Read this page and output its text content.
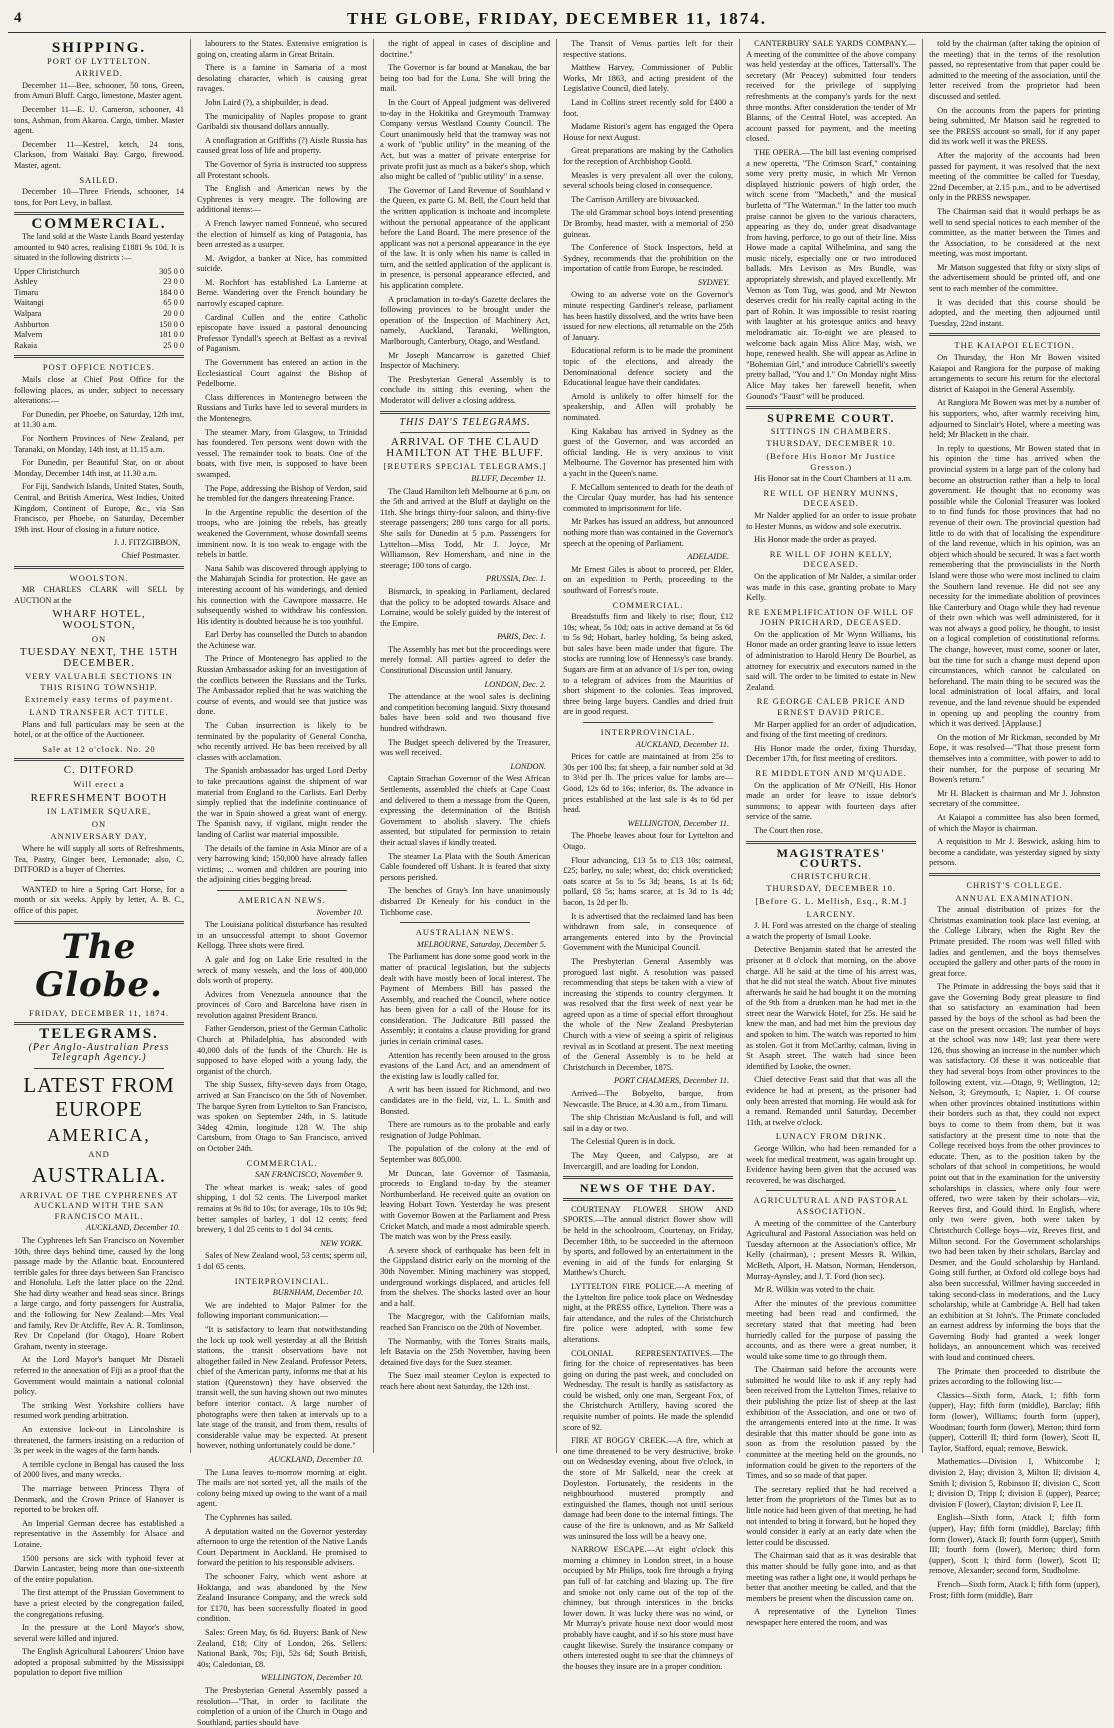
4	THE GLOBE, FRIDAY, DECEMBER 11, 1874.
SHIPPING.
PORT OF LYTTELTON.
ARRIVED.

December 11—Bee, schooner, 50 tons, Green, from Amuri Bluff. Cargo, limestone, Master agent.

December 11—E. U. Cameron, schooner, 41 tons, Ashman, from Akaroa. Cargo, timber. Master agent.

December 11—Kestrel, ketch, 24 tons, Clarkson, from Waitaki Bay. Cargo, firewood. Master, agent.

SAILED.

December 10—Three Friends, schooner, 14 tons, for Port Levy, in ballast.

COMMERCIAL.

The land sold at the Waste Lands Board yesterday amounted to 940 acres, realising £1881 9s 10d. It is situated in the following districts :—

Upper Christchurch	305 0 0
Ashley	23 0 0
Timaru	184 0 0
Waitangi	65 0 0
Walpara	20 0 0
Ashburton	150 0 0
Malvern	181 0 0
Rakaia	25 0 0
POST OFFICE NOTICES.

Mails close at Chief Post Office for the following places, as under, subject to necessary alterations:—

For Dunedin, per Phoebe, on Saturday, 12th inst, at 11.30 a.m.

For Northern Provinces of New Zealand, per Taranaki, on Monday, 14th inst, at 11.15 a.m.

For Dunedin, per Beautiful Star, on or about Monday, December 14th inst, at 11.30 a.m.

For Fiji, Sandwich Islands, United States, South, Central, and British America, West Indies, United Kingdom, Continent of Europe, &c., via San Francisco, per Phoebe, on Saturday, December 19th inst. Hour of closing in a future notice.

J. J. FITZGIBBON,
Chief Postmaster.
WOOLSTON.

MR CHARLES CLARK will SELL by AUCTION at the

WHARF HOTEL, WOOLSTON,
ON
TUESDAY NEXT, THE 15TH DECEMBER.
VERY VALUABLE SECTIONS IN THIS RISING TOWNSHIP.
Extremely easy terms of payment.
LAND TRANSFER ACT TITLE.

Plans and full particulars may be seen at the hotel, or at the office of the Auctioneer.

Sale at 12 o'clock. No. 20
C. DITFORD
Will erect a
REFRESHMENT BOOTH
IN LATIMER SQUARE,
ON
ANNIVERSARY DAY,

Where he will supply all sorts of Refreshments, Tea, Pastry, Ginger beer, Lemonade; also, C. DITFORD is a buyer of Cherries.

WANTED to hire a Spring Cart Horse, for a month or six weeks. Apply by letter, A. B. C., office of this paper.

The Globe.
FRIDAY, DECEMBER 11, 1874.
TELEGRAMS.
(Per Anglo-Australian Press Telegraph Agency.)
LATEST FROM EUROPE
AMERICA,
AND
AUSTRALIA.
ARRIVAL OF THE CYPHRENES AT AUCKLAND WITH THE SAN FRANCISCO MAIL.
AUCKLAND, December 10.

The Cyphrenes left San Francisco on November 10th, three days behind time, caused by the long passage made by the Atlantic boat. Encountered terrible gales for three days between San Francisco and Honolulu. Left the latter place on the 22nd. She had dirty weather and head seas since. Brings a large cargo, and forty passengers for Australia, and the following for New Zealand:—Mrs Veal and family, Rev Dr Atcliffe, Rev A. R. Tomlinson, Rev Dr Copeland (for Otago), Hoare Robert Graham, twenty in steerage.

At the Lord Mayor's banquet Mr Disraeli referred to the annexation of Fiji as a proof that the Government would maintain a national colonial policy.

The striking West Yorkshire colliers have resumed work pending arbitration.

An extensive lock-out in Lincolnshire is threatened, the farmers insisting on a reduction of 3s per week in the wages of the farm hands.

A terrible cyclone in Bengal has caused the loss of 2000 lives, and many wrecks.

The marriage between Princess Thyra of Denmark, and the Crown Prince of Hanover is reported to be broken off.

An Imperial German decree has established a representative in the Assembly for Alsace and Loraine.

1500 persons are sick with typhoid fever at Darwin Lancaster, being more than one-sixteenth of the entire population.

The first attempt of the Prussian Government to have a priest elected by the congregation failed, the congregations refusing.

In the pressure at the Lord Mayor's show, several were killed and injured.

The English Agricultural Labourers' Union have adopted a proposal submitted by the Mississippi population to deport five million

labourers to the States. Extensive emigration is going on, creating alarm in Great Britain.

There is a famine in Samaria of a most desolating character, which is causing great ravages.

John Laird (?), a shipbuilder, is dead.

The municipality of Naples propose to grant Garibaldi six thousand dollars annually.

A conflagration at Griffiths (?) Aistle Russia has caused great loss of life and property.

The Governor of Syria is instructed too suppress all Protestant schools.

The English and American news by the Cyphrenes is very meagre. The following are additional items:—

A French lawyer named Fonneué, who secured the election of himself as king of Patagonia, has been arrested as a usurper.

M. Avigdor, a banker at Nice, has committed suicide.

M. Rochfort has established La Lanterne at Berne. Wandering over the French boundary he narrowly escaped capture.

Cardinal Cullen and the entire Catholic episcopate have issued a pastoral denouncing Professor Tyndall's speech at Belfast as a revival of Paganism.

The Government has entered an action in the Ecclesiastical Court against the Bishop of Pedelborne.

Class differences in Montenegro between the Russians and Turks have led to several murders in the Montenegro.

The steamer Mary, from Glasgow, to Trinidad has foundered. Ten persons went down with the vessel. The remainder took to boats. One of the boats, with five men, is supposed to have been swamped.

The Pope, addressing the Bishop of Verdon, said he trembled for the dangers threatening France.

In the Argentine republic the desertion of the troops, who are joining the rebels, has greatly weakened the Government, whose downfall seems imminent now. It is too weak to engage with the rebels in battle.

Nana Sahib was discovered through applying to the Maharajah Scindia for protection. He gave an interesting account of his wanderings, and denied his connection with the Cawnpore massacre. He subsequently wished to withdraw his confession. His identity is doubted because he is too youthful.

Earl Derby has counselled the Dutch to abandon the Achinese war.

The Prince of Montenegro has applied to the Russian Ambassador asking for an investigation of the conflicts between the Russians and the Turks. The Ambassador replied that he was watching the course of events, and would see that justice was done.

The Cuban insurrection is likely to be terminated by the popularity of General Concha, who recently arrived. He has been received by all classes with acclamation.

The Spanish ambassador has urged Lord Derby to take precautions against the shipment of war material from England to the Carlists. Earl Derby simply replied that the indefinite continuance of the war in Spain showed a great want of energy. The Spanish navy, if vigilant, might render the landing of Carlist war material impossible.

The details of the famine in Asia Minor are of a very harrowing kind; 150,000 have already fallen victims; ... women and children are pouring into the adjoining cities begging bread.

AMERICAN NEWS.
November 10.

The Louisiana political disturbance has resulted in an unsuccessful attempt to shoot Governor Kellogg. Three shots were fired.

A gale and fog on Lake Erie resulted in the wreck of many vessels, and the loss of 400,000 dols worth of property.

Advices from Venezuela announce that the provinces of Coro and Barcelona have risen in revolution against President Branco.

Father Genderson, priest of the German Catholic Church at Philadelphia, has absconded with 40,000 dols of the funds of the Church. He is supposed to have eloped with a young lady, the organist of the church.

The ship Sussex, fifty-seven days from Otago, arrived at San Francisco on the 5th of November. The barque Syren from Lyttelton to San Francisco, was spoken on September 24th, in S. latitude 34deg 42min, longitude 128 W. The ship Cartsburn, from Otago to San Francisco, arrived on October 24th.

COMMERCIAL.
SAN FRANCISCO, November 9.

The wheat market is weak; sales of good shipping, 1 dol 52 cents. The Liverpool market remains at 9s 8d to 10s; for average, 10s to 10s 9d; better samples of barley, 1 dol 12 cents; feed brewery, 1 dol 25 cents to 1 dol 34 cents.

NEW YORK.

Sales of New Zealand wool, 53 cents; sperm oil, 1 dol 65 cents.

INTERPROVINCIAL.
BURNHAM, December 10.

We are indebted to Major Palmer for the following important communication:—

"It is satisfactory to learn that notwithstanding the lock up took well yesterday at all the British stations, the transit observations have not altogether failed in New Zealand. Professor Peters, chief of the American party, informs me that at his station (Queenstown) they have observed the transit well, the sun having shown out two minutes before interior contact. A large number of photographs were then taken at intervals up to a late stage of the transit, and from them, results of considerable value may be expected. At present however, nothing unfortunately could be done."

AUCKLAND, December 10.

The Luna leaves to-morrow morning at eight. The mails are not sorted yet, all the mails of the colony being mixed up owing to the want of a mail agent.

The Cyphrenes has sailed.

A deputation waited on the Governor yesterday afternoon to urge the retention of the Native Lands Court Department in Auckland. He promised to forward the petition to his responsible advisers.

The schooner Fairy, which went ashore at Hokianga, and was abandoned by the New Zealand Insurance Company, and the wreck sold for £170, has been successfully floated in good condition.

Sales: Green May, 6s 6d. Buyers: Bank of New Zealand, £18; City of London, 26s. Sellers: National Bank, 70s; Fiji, 52s 6d; South British, 40s; Caledonian, £8.

WELLINGTON, December 10.

The Presbyterian General Assembly passed a resolution—"That, in order to facilitate the completion of a union of the Church in Otago and Southland, parties should have

the right of appeal in cases of discipline and doctrine."

The Governor is far bound at Manakau, the bar being too bad for the Luna. She will bring the mail.

In the Court of Appeal judgment was delivered to-day in the Hokitika and Greymouth Tramway Company versus Westland County Council. The Court unanimously held that the tramway was not a work of "public utility" in the meaning of the Act, but was a matter of private enterprise for private profit just as much as a baker's shop, which also might be called of "public utility" in a sense.

The Governor of Land Revenue of Southland v the Queen, ex parte G. M. Bell, the Court held that the written application is inchoate and incomplete without the personal appearance of the applicant before the Land Board. The mere presence of the applicant was not a personal appearance in the eye of the law. It is only when his name is called in turn, and the settled application of the applicant is in presence, is personal appearance effected, and his application complete.

A proclamation in to-day's Gazette declares the following provinces to be brought under the operation of the Inspection of Machinery Act, namely, Auckland, Taranaki, Wellington, Marlborough, Canterbury, Otago, and Westland.

Mr Joseph Mancarrow is gazetted Chief Inspector of Machinery.

The Presbyterian General Assembly is to conclude its sitting this evening, when the Moderator will deliver a closing address.

THIS DAY'S TELEGRAMS.
ARRIVAL OF THE CLAUD HAMILTON AT THE BLUFF.
[REUTERS SPECIAL TELEGRAMS.]
BLUFF, December 11.

The Claud Hamilton left Melbourne at 6 p.m. on the 5th and arrived at the Bluff at daylight on the 11th. She brings thirty-four saloon, and thirty-five steerage passengers; 280 tons cargo for all ports. She sails for Dunedin at 5 p.m. Passengers for Lyttelton—Miss Todd, Mr J. Joyce, Mr Williamson, Rev Homersham, and nine in the steerage; 100 tons of cargo.

PRUSSIA, Dec. 1.

Bismarck, in speaking in Parliament, declared that the policy to be adopted towards Alsace and Lorraine, would be solely guided by the interest of the Empire.

PARIS, Dec. 1.

The Assembly has met but the proceedings were merely formal. All parties agreed to defer the Constitutional Discussion until January.

LONDON, Dec. 2.

The attendance at the wool sales is declining and competition becoming languid. Sixty thousand bales have been sold and two thousand five hundred withdrawn.

The Budget speech delivered by the Treasurer, was well received.

LONDON.

Captain Strachan Governor of the West African Settlements, assembled the chiefs at Cape Coast and delivered to them a message from the Queen, expressing the determination of the British Government to abolish slavery. The chiefs assented, but stipulated for permission to retain their actual slaves if kindly treated.

The steamer La Plata with the South American Cable foundered off Ushant. It is feared that sixty persons perished.

The benches of Gray's Inn have unanimously disbarred Dr Kenealy for his conduct in the Tichborne case.

AUSTRALIAN NEWS.
MELBOURNE, Saturday, December 5.

The Parliament has done some good work in the matter of practical legislation, but the subjects dealt with have mostly been of local interest. The Payment of Members Bill has passed the Assembly, and reached the Council, where notice has been given for a call of the House for its consideration. The Judicature Bill passed the Assembly; it contains a clause providing for grand juries in certain criminal cases.

Attention has recently been aroused to the gross evasions of the Land Act, and an amendment of the existing law is loudly called for.

A writ has been issued for Richmond, and two candidates are in the field, viz, L. L. Smith and Bonsted.

There are rumours as to the probable and early resignation of Judge Pohlman.

The population of the colony at the end of September was 805,000.

Mr Duncan, late Governor of Tasmania, proceeds to England to-day by the steamer Northumberland. He received quite an ovation on leaving Hobart Town. Yesterday he was present with Governor Bowen at the Parliament and Press Cricket Match, and made a most admirable speech. The match was won by the Press easily.

A severe shock of earthquake has been felt in the Gippsland district early on the morning of the 30th November. Mining machinery was stopped, underground workings displaced, and articles fell from the shelves. The shocks lasted over an hour and a half.

The Macgregor, with the Californian mails, reached San Francisco on the 20th of November.

The Normanby, with the Torres Straits mails, left Batavia on the 25th November, having been detained five days for the Suez steamer.

The Suez mail steamer Ceylon is expected to reach here about next Saturday, the 12th inst.

The Transit of Venus parties left for their respective stations.

Matthew Harvey, Commissioner of Public Works, Mr 1863, and acting president of the Legislative Council, died lately.

Land in Collins street recently sold for £400 a foot.

Madame Ristori's agent has engaged the Opera House for next August.

Great preparations are making by the Catholics for the reception of Archbishop Goold.

Measles is very prevalent all over the colony, several schools being closed in consequence.

The Carrison Artillery are bivouacked.

The old Grammar school boys intend presenting Dr Bromby, head master, with a memorial of 250 guineas.

The Conference of Stock Inspectors, held at Sydney, recommends that the prohibition on the importation of cattle from Europe, be rescinded.

SYDNEY.

Owing to an adverse vote on the Governor's minute respecting Gardiner's release, parliament has been hastily dissolved, and the writs have been issued for new elections, all returnable on the 25th of January.

Educational reform is to be made the prominent topic of the elections, and already the Denominational defence society and the Educational league have their candidates.

Arnold is unlikely to offer himself for the speakership, and Allen will probably be nominated.

King Kakabau has arrived in Sydney as the guest of the Governor, and was accorded an official landing. He is very anxious to visit Melbourne. The Governor has presented him with a yacht in the Queen's name.

F. McCallum sentenced to death for the death of the Circular Quay murder, has had his sentence commuted to imprisonment for life.

Mr Parkes has issued an address, but announced nothing more than was contained in the Governor's speech at the opening of Parliament.

ADELAIDE.

Mr Ernest Giles is about to proceed, per Elder, on an expedition to Perth, proceeding to the southward of Forrest's route.

COMMERCIAL.

Breadstuffs firm and likely to rise; flour, £12 10s; wheat, 5s 10d; oats in active demand at 5s 6d to 5s 9d; Hobart, barley holding, 5s being asked, but sales have been made under that figure. The stocks are running low of Hennessy's case brandy. Sugars are firm at an advance of 1/s per ton, owing to a telegram of advices from the Mauritius of short shipment to the colonies. Teas improved, three being large buyers. Candles and dried fruit are in good request.

INTERPROVINCIAL.
AUCKLAND, December 11.

Prices for cattle are maintained at from 25s to 30s per 100 lbs; fat sheep, a fair number sold at 3d to 3½d per lb. The prices value for lambs are—Good, 12s 6d to 16s; inferior, 8s. The advance in prices established at the last sale is 4s to 6d per head.

WELLINGTON, December 11.

The Phoebe leaves about four for Lyttelton and Otago.

Flour advancing, £13 5s to £13 10s; oatmeal, £25; barley, no sale; wheat, do; chick oversticked; oats scarce at 5s to 5s 3d; beans, 1s at 1s 6d; pollard, £8 5s; hams scarce, at 1s 3d to 1s 4d; bacon, 1s 2d per lb.

It is advertised that the reclaimed land has been withdrawn from sale, in consequence of arrangements entered into by the Provincial Government with the Municipal Council.

The Presbyterian General Assembly was prorogued last night. A resolution was passed recommending that steps be taken with a view of increasing the stipends to country clergymen. It was resolved that the first week of next year be agreed upon as a time of special effort throughout the whole of the New Zealand Presbyterian Church with a view of seeing a spirit of religious revival as in Scotland at present. The next meeting of the General Assembly is to be held at Christchurch in December, 1875.

PORT CHALMERS, December 11.

Arrived—The Bobyelto, barque, from Newcastle. The Bruce, at 4.30 a.m., from Timaru.

The ship Christian McAusland is full, and will sail in a day or two.

The Celestial Queen is in dock.

The May Queen, and Calypso, are at Invercargill, and are loading for London.

NEWS OF THE DAY.

COURTENAY FLOWER SHOW AND SPORTS.—The annual district flower show will be held in the schoolroom, Courtenay, on Friday, December 18th, to be succeeded in the afternoon by sports, and followed by an entertainment in the evening in aid of the funds for enlarging St Matthew's Church.

LYTTELTON FIRE POLICE.—A meeting of the Lyttelton fire police took place on Wednesday night, at the PRESS office, Lyttelton. There was a fair attendance, and the rules of the Christchurch fire police were adopted, with some few alterations.

COLONIAL REPRESENTATIVES.—The firing for the choice of representatives has been going on during the past week, and concluded on Wednesday. The result is hardly as satisfactory as could be wished, only one man, Sergeant Fox, of the Christchurch Artillery, having scored the requisite number of points. He made the splendid score of 92.

FIRE AT BOGGY CREEK.—A fire, which at one time threatened to be very destructive, broke out on Wednesday evening, about five o'clock, in the store of Mr Salkeld, near the creek at Doyleston. Fortunately, the residents in the neighbourhood mustered promptly and extinguished the flames, though not until serious damage had been done to the internal fittings. The cause of the fire is unknown, and as Mr Salkeld was uninsured the loss will be a heavy one.

NARROW ESCAPE.—At eight o'clock this morning a chimney in London street, in a house occupied by Mr Philips, took fire through a frying pan full of fat catching and blazing up. The fire and smoke not only came out of the top of the chimney, but through interstices in the bricks lower down. It was lucky there was no wind, or Mr Murray's private house next door would most probably have caught, and if so his store must have caught likewise. Surely the insurance company or others interested ought to see that the chimneys of the houses they insure are in a proper condition.

CANTERBURY SALE YARDS COMPANY.—A meeting of the committee of the above company was held yesterday at the offices, Tattersall's. The secretary (Mr Peacey) submitted four tenders received for the privilege of supplying refreshments at the company's yards for the next three months. After consideration the tender of Mr Blanns, of the Central Hotel, was accepted. An account passed for payment, and the meeting closed.

THE OPERA.—The bill last evening comprised a new operetta, "The Crimson Scarf," containing some very pretty music, in which Mr Vernon displayed histrionic powers of high order, the witch scene from "Macbeth," and the musical burletta of "The Waterman." In the latter too much praise cannot be given to the various characters, appearing as they do, under great disadvantage from having, perforce, to go out of their line. Miss Howe made a capital Wilhelmina, and sang the music nicely, especially one or two introduced ballads. Mrs Levison as Mrs Bundle, was appropriately shrewish, and played excellently. Mr Vernon as Tom Tug, was good, and Mr Newton deserves credit for his really capital acting in the part of Robin. It was impossible to resist roaring with laughter at his grotesque antics and heavy melodramatic air. To-night we are pleased to welcome back again Miss Alice May, wish, we hope, renewed health. She will appear as Arline in "Bohemian Girl," and introduce Cabrielli's sweetly pretty ballad, "You and I." On Monday night Miss Alice May takes her farewell benefit, when Gounod's "Faust" will be produced.

SUPREME COURT.
SITTINGS IN CHAMBERS.
THURSDAY, DECEMBER 10.
(Before His Honor Mr Justice Gresson.)

His Honor sat in the Court Chambers at 11 a.m.

RE WILL OF HENRY MUNNS, DECEASED.

Mr Nalder applied for an order to issue probate to Hester Munns, as widow and sole executrix.

His Honor made the order as prayed.

RE WILL OF JOHN KELLY, DECEASED.

On the application of Mr Nalder, a similar order was made in this case, granting probate to Mary Kelly.

RE EXEMPLIFICATION OF WILL OF JOHN PRICHARD, DECEASED.

On the application of Mr Wynn Williams, his Honor made an order granting leave to issue letters of administration to Harold Henry De Bourbel, as attorney for executrix and executors named in the said will. The order to be limited to estate in New Zealand.

RE GEORGE CALEB PRICE AND ERNEST DAVID PRICE.

Mr Harper applied for an order of adjudication, and fixing of the first meeting of creditors.

His Honor made the order, fixing Thursday, December 17th, for first meeting of creditors.

RE MIDDLETON AND M'QUADE.

On the application of Mr O'Neill, His Honor made an order for leave to issue debtor's summons; to appear with fourteen days after service of the same.

The Court then rose.

MAGISTRATES' COURTS.
CHRISTCHURCH.
THURSDAY, DECEMBER 10.
[Before G. L. Mellish, Esq., R.M.]
LARCENY.

J. H. Ford was arrested on the charge of stealing a watch the property of Ismail Looke.

Detective Benjamin stated that he arrested the prisoner at 8 o'clock that morning, on the above charge. All he said at the time of his arrest was, that he did not steal the watch. About five minutes afterwards he said he had bought it on the morning of the 9th from a drunken man he had met in the street near the Warwick Hotel, for 25s. He said he knew the man, and had met him the previous day and spoken to him. The watch was reported to him as stolen. Got it from McCarthy, calman, living in St Asaph street. The watch had since been identified by Looke, the owner.

Chief detective Feast said that that was all the evidence he had at present, as the prisoner had only been arrested that morning. He would ask for a remand. Remanded until Saturday, December 11th, at twelve o'clock.

LUNACY FROM DRINK.

George Wilkin, who had been remanded for a week for medical treatment, was again brought up. Evidence having been given that the accused was recovered, he was discharged.

AGRICULTURAL AND PASTORAL ASSOCIATION.

A meeting of the committee of the Canterbury Agricultural and Pastoral Association was held on Tuesday afternoon at the Association's office, Mr Kelly (chairman), ; present Messrs R. Wilkin, McBeth, Alport, H. Matson, Norman, Henderson, Murray-Aynsley, and J. T. Ford (hon sec).

Mr R. Wilkin was voted to the chair.

After the minutes of the previous committee meeting had been read and confirmed, the secretary stated that that meeting had been hurriedly called for the purpose of passing the accounts, and as there were a great number, it would take some time to go through them.

The Chairman said before the accounts were submitted he would like to ask if any reply had been received from the Lyttelton Times, relative to their publishing the prize list of sheep at the last exhibition of the Association, and one or two of the arrangements entered into at the time. It was desirable that this matter should be gone into as soon as from the resolution passed by the committee at the meeting held on the grounds, no information could be given to the reporters of the Times, and so so made of that paper.

The secretary replied that he had received a letter from the proprietors of the Times but as to little notice had been given of that meeting, he had not intended to bring it forward, but he hoped they would consider it early at an early date when the letter could be discussed.

The Chairman said that as it was desirable that this matter should be fully gone into, and as that meeting was rather a light one, it would perhaps be better that another meeting be called, and that the members be present when the discussion came on.

A representative of the Lyttelton Times newspaper here entered the room, and was

told by the chairman (after taking the opinion of the meeting) that in the terms of the resolution passed, no representative from that paper could be admitted to the meeting of the association, until the letter received from the proprietor had been discussed and settled.

On the accounts from the papers for printing being submitted, Mr Matson said he regretted to see the PRESS account so small, for if any paper did its work well it was the PRESS.

After the majority of the accounts had been passed for payment, it was resolved that the next meeting of the committee be called for Tuesday, 22nd December, at 2.15 p.m., and to be advertised only in the PRESS newspaper.

The Chairman said that it would perhaps be as well to send special notices to each member of the committee, as the matter between the Times and the Association, to be considered at the next meeting, was most important.

Mr Matson suggested that fifty or sixty slips of the advertisement should be printed off, and one sent to each member of the committee.

It was decided that this course should be adopted, and the meeting then adjourned until Tuesday, 22nd instant.

THE KAIAPOI ELECTION.

On Thursday, the Hon Mr Bowen visited Kaiapoi and Rangiora for the purpose of making arrangements to secure his return for the electoral district of Kaiapoi in the General Assembly.

At Rangiora Mr Bowen was met by a number of his supporters, who, after warmly receiving him, adjourned to Sinclair's Hotel, where a meeting was held; Mr Blackett in the chair.

In reply to questions, Mr Bowen stated that in his opinion the time has arrived when the provincial system in a large part of the colony had become an obstruction rather than a help to local government. He thought that no economy was possible while the Colonial Treasurer was looked to to find funds for those provinces that had no revenue of their own. The provincial question had little to do with that of localising the expenditure of the land revenue, which in his opinion, was an object which should be secured. It was a fact worth remembering that the provincialists in the North Island were those who were most inclined to claim the Southern land revenue. He did not see any necessity for the immediate abolition of provinces like Canterbury and Otago while they had revenue of their own which was well administered, for it was not always a good policy, he thought, to insist on a logical completion of constitutional reforms. The change, however, must come, sooner or later, but the time for such a change must depend upon circumstances, which cannot be calculated on beforehand. The main thing to be secured was the local administration of local affairs, and local revenue, and the land revenue should be expended in opening up and peopling the country from which it was derived. [Applause.]

On the motion of Mr Rickman, seconded by Mr Eope, it was resolved—"That those present form themselves into a committee, with power to add to their number, for the purpose of securing Mr Bowen's return."

Mr H. Blackett is chairman and Mr J. Johnston secretary of the committee.

At Kaiapoi a committee has also been formed, of which the Mayor is chairman.

A requisition to Mr J. Beswick, asking him to become a candidate, was yesterday signed by sixty persons.

CHRIST'S COLLEGE.
ANNUAL EXAMINATION.

The annual distribution of prizes for the Christmas examination took place last evening, at the College Library, when the Right Rev the Primate presided. The room was well filled with ladies and gentlemen, and the boys themselves occupied the gallery and other parts of the room in great force.

The Primate in addressing the boys said that it gave the Governing Body great pleasure to find that so satisfactory an examination had been passed by the boys of the school as had been the case on the present occasion. The number of boys at the school was now 149; last year there were 126, thus showing an increase in the number which was satisfactory. Of these it was noticeable that they had several boys from other provinces to the following extent, viz.—Otago, 9; Wellington, 12; Nelson, 3; Greymouth, 1; Napier, 1. Of course when other provinces obtained institutions within their borders such as that, they could not expect boys to come to them from them, but it was satisfactory at the present time to note that the College received boys from the other provinces to educate. Then, as to the position taken by the scholars of that school in competitions, he would point out that in the examination for the university scholarships in classics, where only four were offered, two were taken by their scholars—viz, Reeves first, and Gould third. In English, where only two were given, both were taken by Christchurch College boys—viz, Reeves first, and Milton second. For the Government scholarships two had been taken by their scholars, Barclay and Desmer, and the Gould scholarship by Hartland. Going still further, at Oxford old college boys had also been successful, Willmer having succeeded in taking second-class in moderations, and the Lucy scholarship, while at Cambridge A. Bell had taken an exhibition at St John's. The Primate concluded an earnest address by informing the boys that the Governing Body had granted a week longer holidays, an announcement which was received with loud and continued cheers.

The Primate then proceeded to distribute the prizes according to the following list:—

Classics—Sixth form, Atack, 1; fifth form (upper), Hay; fifth form (middle), Barclay; fifth form (lower), Williams; fourth form (upper), Woodman; fourth form (lower), Merton; third form (upper), Cotterill II; third form (lower), Scott II, Taylor, Stafford, equal; remove, Beswick.

Mathematics—Division I, Whitcombe I; division 2, Hay; division 3, Milton II; division 4, Smith I; division 5, Robinson II; division C, Scott I; division D, Tripp I; division E (upper), Pearce; division F (lower), Clayton; division F, Lee II.

English—Sixth form, Atack I; fifth form (upper), Hay; fifth form (middle), Barclay; fifth form (lower), Atack II; fourth form (upper), Smith III; fourth form (lower), Merton; third form (upper), Scott I; third form (lower), Scott II; remove, Alexander; second form, Studholme.

French—Sixth form, Atack I; fifth form (upper), Frost; fifth form (middle), Barr
